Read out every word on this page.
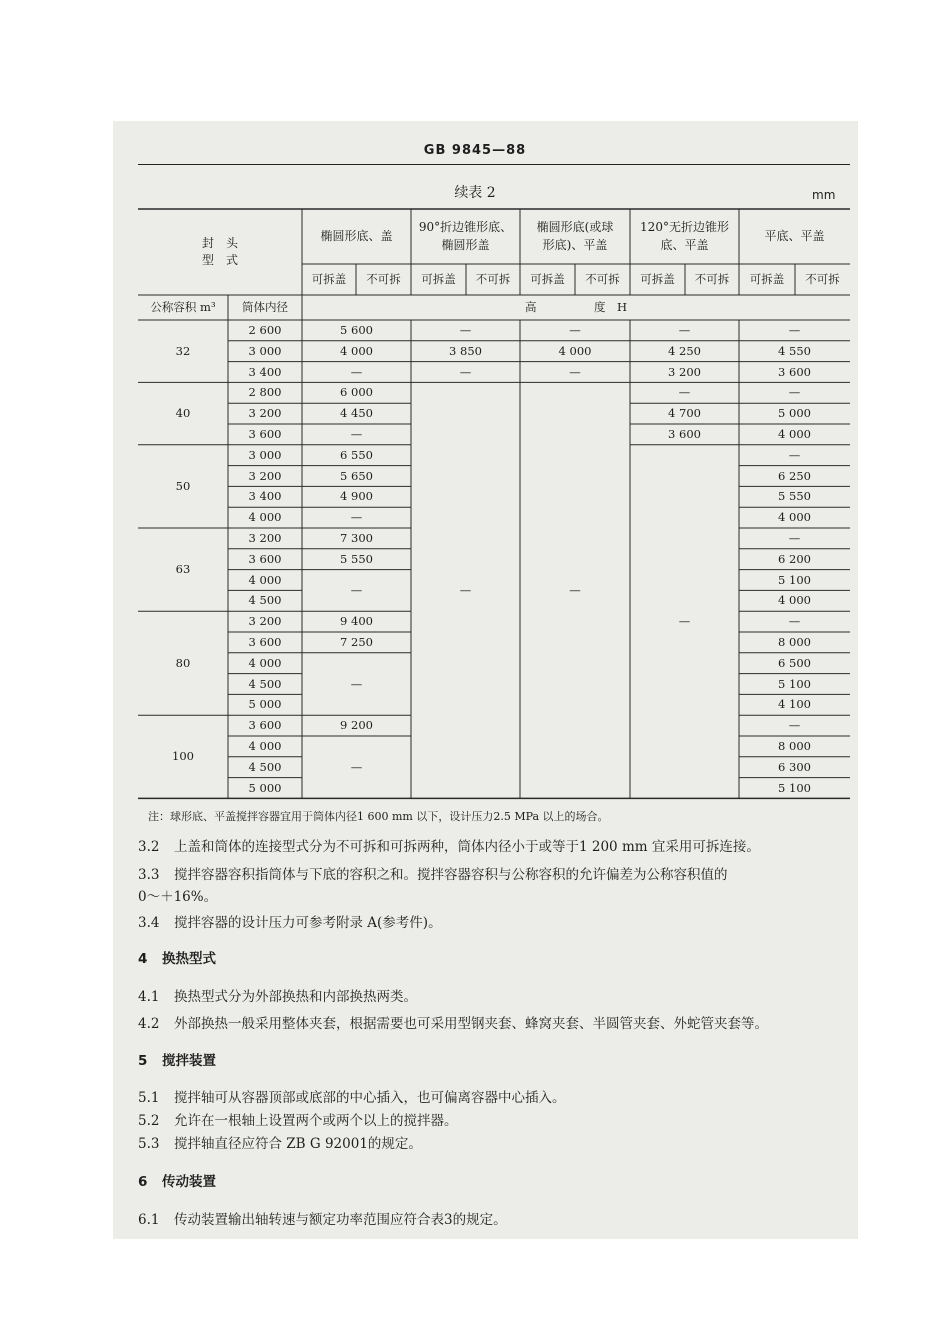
GB 9845—88
续表 2	mm
封　头
型　式
椭圆形底、盖
可拆盖 不可拆
90°折边锥形底、
椭圆形盖
可拆盖 不可拆
椭圆形底(或球
形底)、平盖
可拆盖 不可拆
120°无折边锥形
底、平盖
可拆盖 不可拆
平底、平盖
可拆盖 不可拆
公称容积 m³ 筒体内径	高　　　　　度　H
32
40
50
63
80
100
2 600
3 000
3 400
2 800
3 200
3 600
3 000
3 200
3 400
4 000
3 200
3 600
4 000
4 500
3 200
3 600
4 000
4 500
5 000
3 600
4 000
4 500
5 000
5 600
4 000
—
6 000
4 450
—
6 550
5 650
4 900
—
7 300
5 550
—
9 400
7 250
—
9 200
—
—
3 850
—
—
—
4 000
—
—
—
4 250
3 200
—
4 700
3 600
—
—
4 550
3 600
—
5 000
4 000
—
6 250
5 550
4 000
—
6 200
5 100
4 000
—
8 000
6 500
5 100
4 100
—
8 000
6 300
5 100
注：球形底、平盖搅拌容器宜用于筒体内径1 600 mm 以下，设计压力2.5 MPa 以上的场合。
3.2 上盖和筒体的连接型式分为不可拆和可拆两种，筒体内径小于或等于1 200 mm 宜采用可拆连接。
3.3 搅拌容器容积指筒体与下底的容积之和。搅拌容器容积与公称容积的允许偏差为公称容积值的
0～＋16%。
3.4 搅拌容器的设计压力可参考附录 A(参考件)。
4 换热型式
4.1 换热型式分为外部换热和内部换热两类。
4.2 外部换热一般采用整体夹套，根据需要也可采用型钢夹套、蜂窝夹套、半圆管夹套、外蛇管夹套等。
5 搅拌装置
5.1 搅拌轴可从容器顶部或底部的中心插入，也可偏离容器中心插入。
5.2 允许在一根轴上设置两个或两个以上的搅拌器。
5.3 搅拌轴直径应符合 ZB G 92001的规定。
6 传动装置
6.1 传动装置输出轴转速与额定功率范围应符合表3的规定。
